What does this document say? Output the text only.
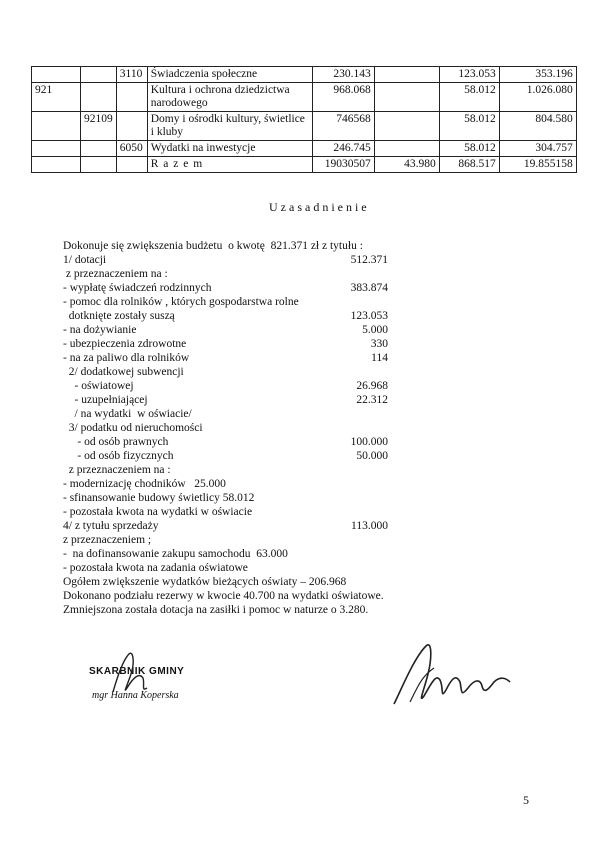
		3110	Świadczenia społeczne	230.143		123.053	353.196
921			Kultura i ochrona dziedzictwa narodowego	968.068		58.012	1.026.080
	92109		Domy i ośrodki kultury, świetlice i kluby	746568		58.012	804.580
		6050	Wydatki na inwestycje	246.745		58.012	304.757
			R a z e m	19030507	43.980	868.517	19.855158
U z a s a d n i e n i e
Dokonuje się zwiększenia budżetu  o kwotę  821.371 zł z tytułu :
1/ dotacji	512.371
z przeznaczeniem na :
- wypłatę świadczeń rodzinnych	383.874
- pomoc dla rolników , których gospodarstwa rolne
dotknięte zostały suszą	123.053
- na dożywianie	5.000
- ubezpieczenia zdrowotne	330
- na za paliwo dla rolników	114
2/ dodatkowej subwencji
- oświatowej	26.968
- uzupełniającej	22.312
/ na wydatki  w oświacie/
3/ podatku od nieruchomości
- od osób prawnych	100.000
- od osób fizycznych	50.000
z przeznaczeniem na :
- modernizację chodników   25.000
- sfinansowanie budowy świetlicy 58.012
- pozostała kwota na wydatki w oświacie
4/ z tytułu sprzedaży	113.000
z przeznaczeniem ;
-  na dofinansowanie zakupu samochodu  63.000
- pozostała kwota na zadania oświatowe
Ogółem zwiększenie wydatków bieżących oświaty – 206.968
Dokonano podziału rezerwy w kwocie 40.700 na wydatki oświatowe.
Zmniejszona została dotacja na zasiłki i pomoc w naturze o 3.280.
SKARBNIK GMINY
mgr Hanna Koperska
5
